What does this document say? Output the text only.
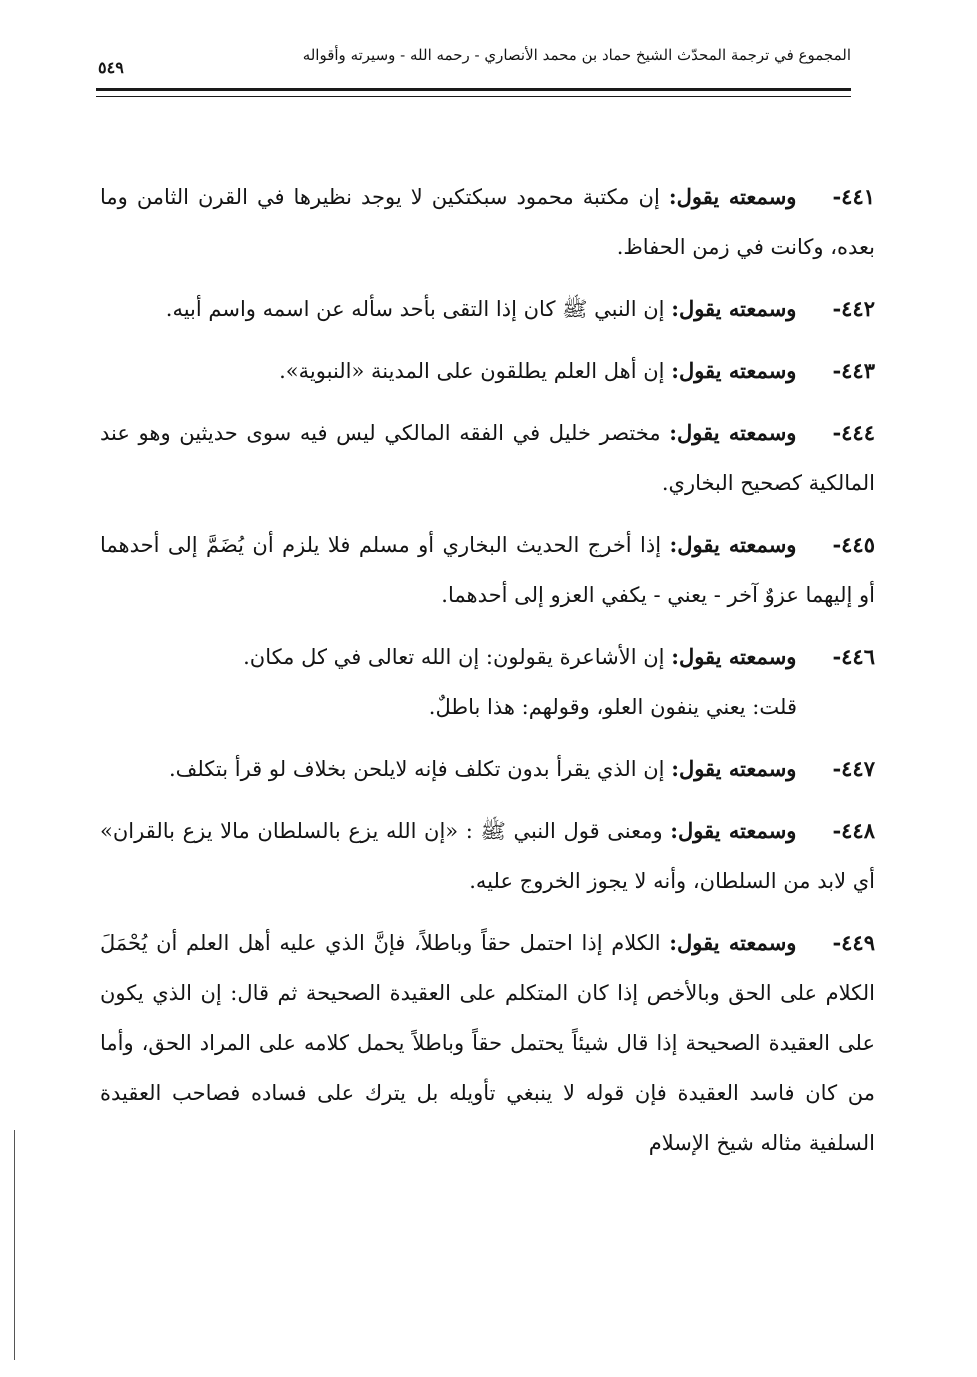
المجموع في ترجمة المحدّث الشيخ حماد بن محمد الأنصاري - رحمه الله - وسيرته وأقواله
٥٤٩

٤٤١-وسمعته يقول: إن مكتبة محمود سبكتكين لا يوجد نظيرها في القرن الثامن وما بعده، وكانت في زمن الحفاظ.

٤٤٢-وسمعته يقول: إن النبي ﷺ كان إذا التقى بأحد سأله عن اسمه واسم أبيه.

٤٤٣-وسمعته يقول: إن أهل العلم يطلقون على المدينة «النبوية».

٤٤٤-وسمعته يقول: مختصر خليل في الفقه المالكي ليس فيه سوى حديثين وهو عند المالكية كصحيح البخاري.

٤٤٥-وسمعته يقول: إذا أخرج الحديث البخاري أو مسلم فلا يلزم أن يُضَمَّ إلى أحدهما أو إليهما عزوٌ آخر - يعني - يكفي العزو إلى أحدهما.

٤٤٦-وسمعته يقول: إن الأشاعرة يقولون: إن الله تعالى في كل مكان.

قلت: يعني ينفون العلو، وقولهم: هذا باطلٌ.

٤٤٧-وسمعته يقول: إن الذي يقرأ بدون تكلف فإنه لايلحن بخلاف لو قرأ بتكلف.

٤٤٨-وسمعته يقول: ومعنى قول النبي ﷺ : «إن الله يزع بالسلطان مالا يزع بالقران» أي لابد من السلطان، وأنه لا يجوز الخروج عليه.

٤٤٩-وسمعته يقول: الكلام إذا احتمل حقاً وباطلاً، فإنَّ الذي عليه أهل العلم أن يُحْمَلَ الكلام على الحق وبالأخص إذا كان المتكلم على العقيدة الصحيحة ثم قال: إن الذي يكون على العقيدة الصحيحة إذا قال شيئاً يحتمل حقاً وباطلاً يحمل كلامه على المراد الحق، وأما من كان فاسد العقيدة فإن قوله لا ينبغي تأويله بل يترك على فساده فصاحب العقيدة السلفية مثاله شيخ الإسلام
